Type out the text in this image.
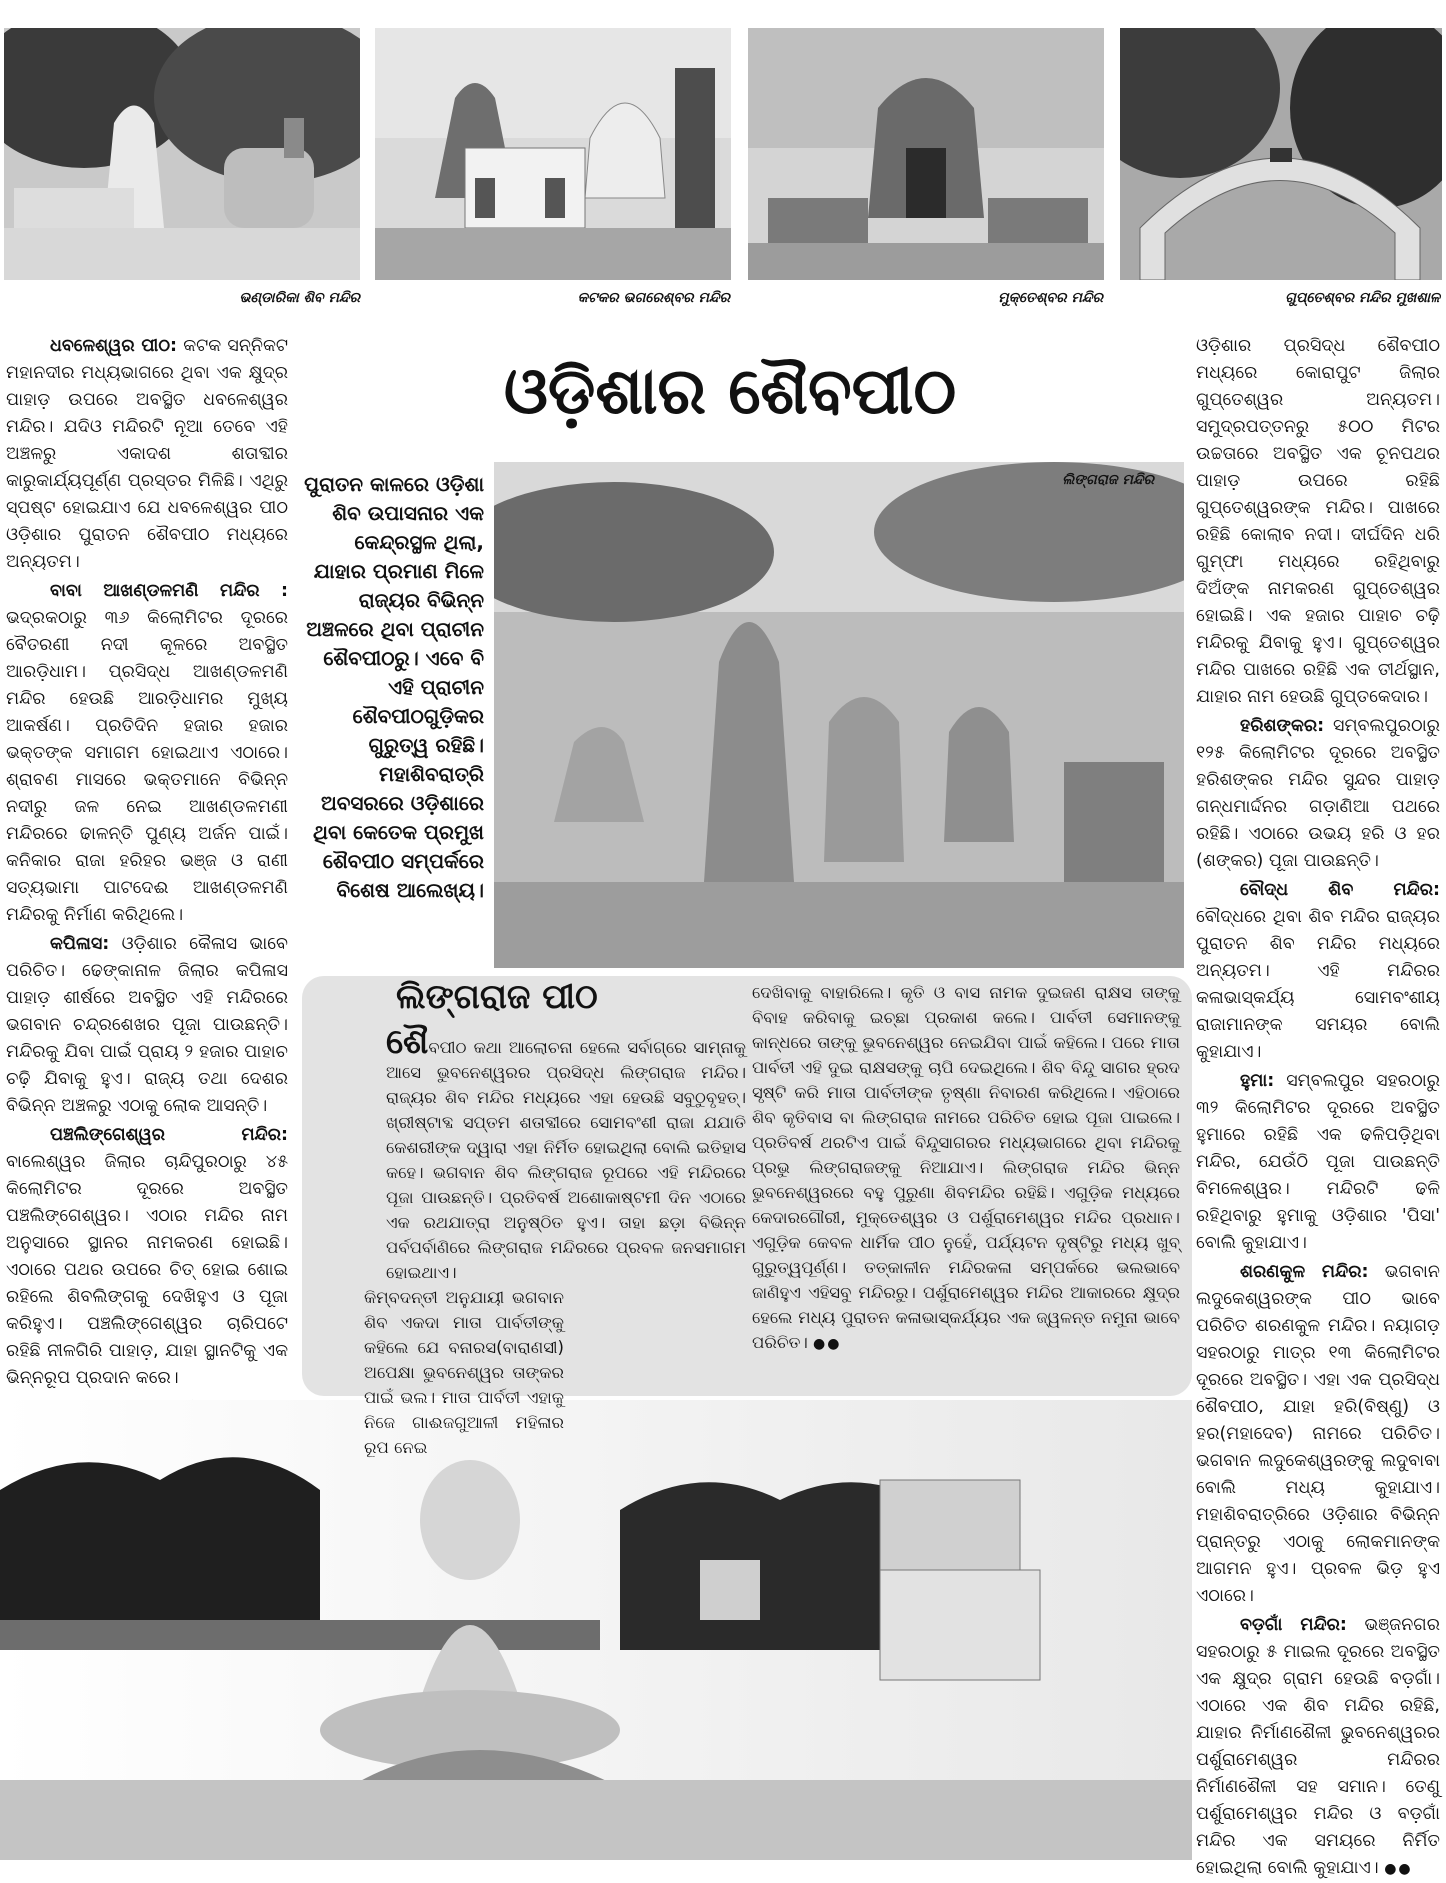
ଭଣ୍ଡାରିକା ଶିବ ମନ୍ଦିର	କଟକର ଭଗରେଶ୍ବର ମନ୍ଦିର	ମୁକ୍ତେଶ୍ବର ମନ୍ଦିର	ଗୁପ୍ତେଶ୍ବର ମନ୍ଦିର ମୁଖଶାଳ
ଓଡ଼ିଶାର ଶୈବପୀଠ
ପୁରାତନ କାଳରେ ଓଡ଼ିଶା ଶିବ ଉପାସନାର ଏକ କେନ୍ଦ୍ରସ୍ଥଳ ଥିଲା, ଯାହାର ପ୍ରମାଣ ମିଳେ ରାଜ୍ୟର ବିଭିନ୍ନ ଅଞ୍ଚଳରେ ଥିବା ପ୍ରାଚୀନ ଶୈବପୀଠରୁ। ଏବେ ବି ଏହି ପ୍ରାଚୀନ ଶୈବପୀଠଗୁଡ଼ିକର ଗୁରୁତ୍ୱ ରହିଛି। ମହାଶିବରାତ୍ରି ଅବସରରେ ଓଡ଼ିଶାରେ ଥିବା କେତେକ ପ୍ରମୁଖ ଶୈବପୀଠ ସମ୍ପର୍କରେ ବିଶେଷ ଆଲେଖ୍ୟ।
ଲିଙ୍ଗରାଜ ମନ୍ଦିର

ଧବଳେଶ୍ୱର ପୀଠ: କଟକ ସନ୍ନିକଟ ମହାନଦୀର ମଧ୍ୟଭାଗରେ ଥିବା ଏକ କ୍ଷୁଦ୍ର ପାହାଡ଼ ଉପରେ ଅବସ୍ଥିତ ଧବଳେଶ୍ୱର ମନ୍ଦିର। ଯଦିଓ ମନ୍ଦିରଟି ନୂଆ ତେବେ ଏହି ଅଞ୍ଚଳରୁ ଏକାଦଶ ଶତାବ୍ଦୀର କାରୁକାର୍ଯ୍ୟପୂର୍ଣ୍ଣ ପ୍ରସ୍ତର ମିଳିଛି। ଏଥିରୁ ସ୍ପଷ୍ଟ ହୋଇଯାଏ ଯେ ଧବଳେଶ୍ୱର ପୀଠ ଓଡ଼ିଶାର ପୁରାତନ ଶୈବପୀଠ ମଧ୍ୟରେ ଅନ୍ୟତମ।

ବାବା ଆଖଣ୍ଡଳମଣି ମନ୍ଦିର : ଭଦ୍ରକଠାରୁ ୩୬ କିଲୋମିଟର ଦୂରରେ ବୈତରଣୀ ନଦୀ କୂଳରେ ଅବସ୍ଥିତ ଆରଡ଼ିଧାମ। ପ୍ରସିଦ୍ଧ ଆଖଣ୍ଡଳମଣି ମନ୍ଦିର ହେଉଛି ଆରଡ଼ିଧାମର ମୁଖ୍ୟ ଆକର୍ଷଣ। ପ୍ରତିଦିନ ହଜାର ହଜାର ଭକ୍ତଙ୍କ ସମାଗମ ହୋଇଥାଏ ଏଠାରେ। ଶ୍ରାବଣ ମାସରେ ଭକ୍ତମାନେ ବିଭିନ୍ନ ନଦୀରୁ ଜଳ ନେଇ ଆଖଣ୍ଡଳମଣୀ ମନ୍ଦିରରେ ଢାଳନ୍ତି ପୁଣ୍ୟ ଅର୍ଜନ ପାଇଁ। କନିକାର ରାଜା ହରିହର ଭଞ୍ଜ ଓ ରାଣୀ ସତ୍ୟଭାମା ପାଟଦେଈ ଆଖଣ୍ଡଳମଣି ମନ୍ଦିରକୁ ନିର୍ମାଣ କରିଥିଲେ।

କପିଳାସ: ଓଡ଼ିଶାର କୈଳାସ ଭାବେ ପରିଚିତ। ଢେଙ୍କାନାଳ ଜିଲାର କପିଳାସ ପାହାଡ଼ ଶୀର୍ଷରେ ଅବସ୍ଥିତ ଏହି ମନ୍ଦିରରେ ଭଗବାନ ଚନ୍ଦ୍ରଶେଖର ପୂଜା ପାଉଛନ୍ତି। ମନ୍ଦିରକୁ ଯିବା ପାଇଁ ପ୍ରାୟ ୨ ହଜାର ପାହାଚ ଚଢ଼ି ଯିବାକୁ ହୁଏ। ରାଜ୍ୟ ତଥା ଦେଶର ବିଭିନ୍ନ ଅଞ୍ଚଳରୁ ଏଠାକୁ ଲୋକ ଆସନ୍ତି।

ପଞ୍ଚଲିଙ୍ଗେଶ୍ୱର ମନ୍ଦିର: ବାଲେଶ୍ୱର ଜିଲାର ଚାନ୍ଦିପୁରଠାରୁ ୪୫ କିଲୋମିଟର ଦୂରରେ ଅବସ୍ଥିତ ପଞ୍ଚଲିଙ୍ଗେଶ୍ୱର। ଏଠାର ମନ୍ଦିର ନାମ ଅନୁସାରେ ସ୍ଥାନର ନାମକରଣ ହୋଇଛି। ଏଠାରେ ପଥର ଉପରେ ଚିତ୍ ହୋଇ ଶୋଇ ରହିଲେ ଶିବଲିଙ୍ଗକୁ ଦେଖିହୁଏ ଓ ପୂଜା କରିହୁଏ। ପଞ୍ଚଲିଙ୍ଗେଶ୍ୱର ଚାରିପଟେ ରହିଛି ନୀଳଗିରି ପାହାଡ଼, ଯାହା ସ୍ଥାନଟିକୁ ଏକ ଭିନ୍ନରୂପ ପ୍ରଦାନ କରେ।

ଓଡ଼ିଶାର ପ୍ରସିଦ୍ଧ ଶୈବପୀଠ ମଧ୍ୟରେ କୋରାପୁଟ ଜିଲାର ଗୁପ୍ତେଶ୍ୱର ଅନ୍ୟତମ। ସମୁଦ୍ରପତ୍ତନରୁ ୫୦୦ ମିଟର ଉଚ୍ଚତାରେ ଅବସ୍ଥିତ ଏକ ଚୂନପଥର ପାହାଡ଼ ଉପରେ ରହିଛି ଗୁପ୍ତେଶ୍ୱରଙ୍କ ମନ୍ଦିର। ପାଖରେ ରହିଛି କୋଲାବ ନଦୀ। ଦୀର୍ଘଦିନ ଧରି ଗୁମ୍ଫା ମଧ୍ୟରେ ରହିଥିବାରୁ ଦିଅଁଙ୍କ ନାମକରଣ ଗୁପ୍ତେଶ୍ୱର ହୋଇଛି। ଏକ ହଜାର ପାହାଚ ଚଢ଼ି ମନ୍ଦିରକୁ ଯିବାକୁ ହୁଏ। ଗୁପ୍ତେଶ୍ୱର ମନ୍ଦିର ପାଖରେ ରହିଛି ଏକ ତୀର୍ଥସ୍ଥାନ, ଯାହାର ନାମ ହେଉଛି ଗୁପ୍ତକେଦାର।

ହରିଶଙ୍କର: ସମ୍ବଲପୁରଠାରୁ ୧୨୫ କିଲୋମିଟର ଦୂରରେ ଅବସ୍ଥିତ ହରିଶଙ୍କର ମନ୍ଦିର ସୁନ୍ଦର ପାହାଡ଼ ଗନ୍ଧମାର୍ଦ୍ଦନର ଗଡ଼ାଣିଆ ପଥରେ ରହିଛି। ଏଠାରେ ଉଭୟ ହରି ଓ ହର (ଶଙ୍କର) ପୂଜା ପାଉଛନ୍ତି।

ବୌଦ୍ଧ ଶିବ ମନ୍ଦିର: ବୌଦ୍ଧରେ ଥିବା ଶିବ ମନ୍ଦିର ରାଜ୍ୟର ପୁରାତନ ଶିବ ମନ୍ଦିର ମଧ୍ୟରେ ଅନ୍ୟତମ। ଏହି ମନ୍ଦିରର କଳାଭାସ୍କର୍ଯ୍ୟ ସୋମବଂଶୀୟ ରାଜାମାନଙ୍କ ସମୟର ବୋଲି କୁହାଯାଏ।

ହୁମା: ସମ୍ବଲପୁର ସହରଠାରୁ ୩୨ କିଲୋମିଟର ଦୂରରେ ଅବସ୍ଥିତ ହୁମାରେ ରହିଛି ଏକ ଢଳିପଡ଼ିଥିବା ମନ୍ଦିର, ଯେଉଁଠି ପୂଜା ପାଉଛନ୍ତି ବିମଳେଶ୍ୱର। ମନ୍ଦିରଟି ଢଳି ରହିଥିବାରୁ ହୁମାକୁ ଓଡ଼ିଶାର 'ପିସା' ବୋଲି କୁହାଯାଏ।

ଶରଣକୁଳ ମନ୍ଦିର: ଭଗବାନ ଲଦୁକେଶ୍ୱରଙ୍କ ପୀଠ ଭାବେ ପରିଚିତ ଶରଣକୁଳ ମନ୍ଦିର। ନୟାଗଡ଼ ସହରଠାରୁ ମାତ୍ର ୧୩ କିଲୋମିଟର ଦୂରରେ ଅବସ୍ଥିତ। ଏହା ଏକ ପ୍ରସିଦ୍ଧ ଶୈବପୀଠ, ଯାହା ହରି(ବିଷ୍ଣୁ) ଓ ହର(ମହାଦେବ) ନାମରେ ପରିଚିତ। ଭଗବାନ ଲଦୁକେଶ୍ୱରଙ୍କୁ ଲଦୁବାବା ବୋଲି ମଧ୍ୟ କୁହାଯାଏ। ମହାଶିବରାତ୍ରିରେ ଓଡ଼ିଶାର ବିଭିନ୍ନ ପ୍ରାନ୍ତରୁ ଏଠାକୁ ଲୋକମାନଙ୍କ ଆଗମନ ହୁଏ। ପ୍ରବଳ ଭିଡ଼ ହୁଏ ଏଠାରେ।

ବଡ଼ଗାଁ ମନ୍ଦିର: ଭଞ୍ଜନଗର ସହରଠାରୁ ୫ ମାଇଲ ଦୂରରେ ଅବସ୍ଥିତ ଏକ କ୍ଷୁଦ୍ର ଗ୍ରାମ ହେଉଛି ବଡ଼ଗାଁ। ଏଠାରେ ଏକ ଶିବ ମନ୍ଦିର ରହିଛି, ଯାହାର ନିର୍ମାଣଶୈଳୀ ଭୁବନେଶ୍ୱରର ପର୍ଶୁରାମେଶ୍ୱର ମନ୍ଦିରର ନିର୍ମାଣଶୈଳୀ ସହ ସମାନ। ତେଣୁ ପର୍ଶୁରାମେଶ୍ୱର ମନ୍ଦିର ଓ ବଡ଼ଗାଁ ମନ୍ଦିର ଏକ ସମୟରେ ନିର୍ମିତ ହୋଇଥିଲା ବୋଲି କୁହାଯାଏ। ●●

ଲିଙ୍ଗରାଜ ପୀଠ

ଶୈବପୀଠ କଥା ଆଲୋଚନା ହେଲେ ସର୍ବାଗ୍ରେ ସାମ୍ନାକୁ ଆସେ ଭୁବନେଶ୍ୱରର ପ୍ରସିଦ୍ଧ ଲିଙ୍ଗରାଜ ମନ୍ଦିର। ରାଜ୍ୟର ଶିବ ମନ୍ଦିର ମଧ୍ୟରେ ଏହା ହେଉଛି ସବୁଠୁବୃହତ୍। ଖ୍ରୀଷ୍ଟାବ୍ଦ ସପ୍ତମ ଶତାବ୍ଦୀରେ ସୋମବଂଶୀ ରାଜା ଯଯାତି କେଶରୀଙ୍କ ଦ୍ୱାରା ଏହା ନିର୍ମିତ ହୋଇଥିଲା ବୋଲି ଇତିହାସ କହେ। ଭଗବାନ ଶିବ ଲିଙ୍ଗରାଜ ରୂପରେ ଏହି ମନ୍ଦିରରେ ପୂଜା ପାଉଛନ୍ତି। ପ୍ରତିବର୍ଷ ଅଶୋକାଷ୍ଟମୀ ଦିନ ଏଠାରେ ଏକ ରଥଯାତ୍ରା ଅନୁଷ୍ଠିତ ହୁଏ। ତାହା ଛଡ଼ା ବିଭିନ୍ନ ପର୍ବପର୍ବାଣିରେ ଲିଙ୍ଗରାଜ ମନ୍ଦିରରେ ପ୍ରବଳ ଜନସମାଗମ ହୋଇଥାଏ।

କିମ୍ବଦନ୍ତୀ ଅନୁଯାୟୀ ଭଗବାନ ଶିବ ଏକଦା ମାତା ପାର୍ବତୀଙ୍କୁ କହିଲେ ଯେ ବନାରସ(ବାରାଣସୀ) ଅପେକ୍ଷା ଭୁବନେଶ୍ୱର ତାଙ୍କର ପାଇଁ ଭଲ। ମାତା ପାର୍ବତୀ ଏହାକୁ ନିଜେ ଗାଈଜଗୁଆଳୀ ମହିଳାର ରୂପ ନେଇ

ଦେଖିବାକୁ ବାହାରିଲେ। କୃତି ଓ ବାସ ନାମକ ଦୁଇଜଣ ରାକ୍ଷସ ତାଙ୍କୁ ବିବାହ କରିବାକୁ ଇଚ୍ଛା ପ୍ରକାଶ କଲେ। ପାର୍ବତୀ ସେମାନଙ୍କୁ କାନ୍ଧରେ ତାଙ୍କୁ ଭୁବନେଶ୍ୱର ନେଇଯିବା ପାଇଁ କହିଲେ। ପରେ ମାତା ପାର୍ବତୀ ଏହି ଦୁଇ ରାକ୍ଷସଙ୍କୁ ଚାପି ଦେଇଥିଲେ। ଶିବ ବିନ୍ଦୁ ସାଗର ହ୍ରଦ ସୃଷ୍ଟି କରି ମାତା ପାର୍ବତୀଙ୍କ ତୃଷ୍ଣା ନିବାରଣ କରିଥିଲେ। ଏହିଠାରେ ଶିବ କୃତିବାସ ବା ଲିଙ୍ଗରାଜ ନାମରେ ପରିଚିତ ହୋଇ ପୂଜା ପାଇଲେ। ପ୍ରତିବର୍ଷ ଥରଟିଏ ପାଇଁ ବିନ୍ଦୁସାଗରର ମଧ୍ୟଭାଗରେ ଥିବା ମନ୍ଦିରକୁ ପ୍ରଭୁ ଲିଙ୍ଗରାଜଙ୍କୁ ନିଆଯାଏ। ଲିଙ୍ଗରାଜ ମନ୍ଦିର ଭିନ୍ନ ଭୁବନେଶ୍ୱରରେ ବହୁ ପୁରୁଣା ଶିବମନ୍ଦିର ରହିଛି। ଏଗୁଡ଼ିକ ମଧ୍ୟରେ କେଦାରଗୌରୀ, ମୁକ୍ତେଶ୍ୱର ଓ ପର୍ଶୁରାମେଶ୍ୱର ମନ୍ଦିର ପ୍ରଧାନ। ଏଗୁଡ଼ିକ କେବଳ ଧାର୍ମିକ ପୀଠ ନୁହେଁ, ପର୍ଯ୍ୟଟନ ଦୃଷ୍ଟିରୁ ମଧ୍ୟ ଖୁବ୍ ଗୁରୁତ୍ୱପୂର୍ଣ୍ଣ। ତତ୍କାଳୀନ ମନ୍ଦିରକଳା ସମ୍ପର୍କରେ ଭଲଭାବେ ଜାଣିହୁଏ ଏହିସବୁ ମନ୍ଦିରରୁ। ପର୍ଶୁରାମେଶ୍ୱର ମନ୍ଦିର ଆକାରରେ କ୍ଷୁଦ୍ର ହେଲେ ମଧ୍ୟ ପୁରାତନ କଳାଭାସ୍କର୍ଯ୍ୟର ଏକ ଜ୍ୱଳନ୍ତ ନମୁନା ଭାବେ ପରିଚିତ। ●●
